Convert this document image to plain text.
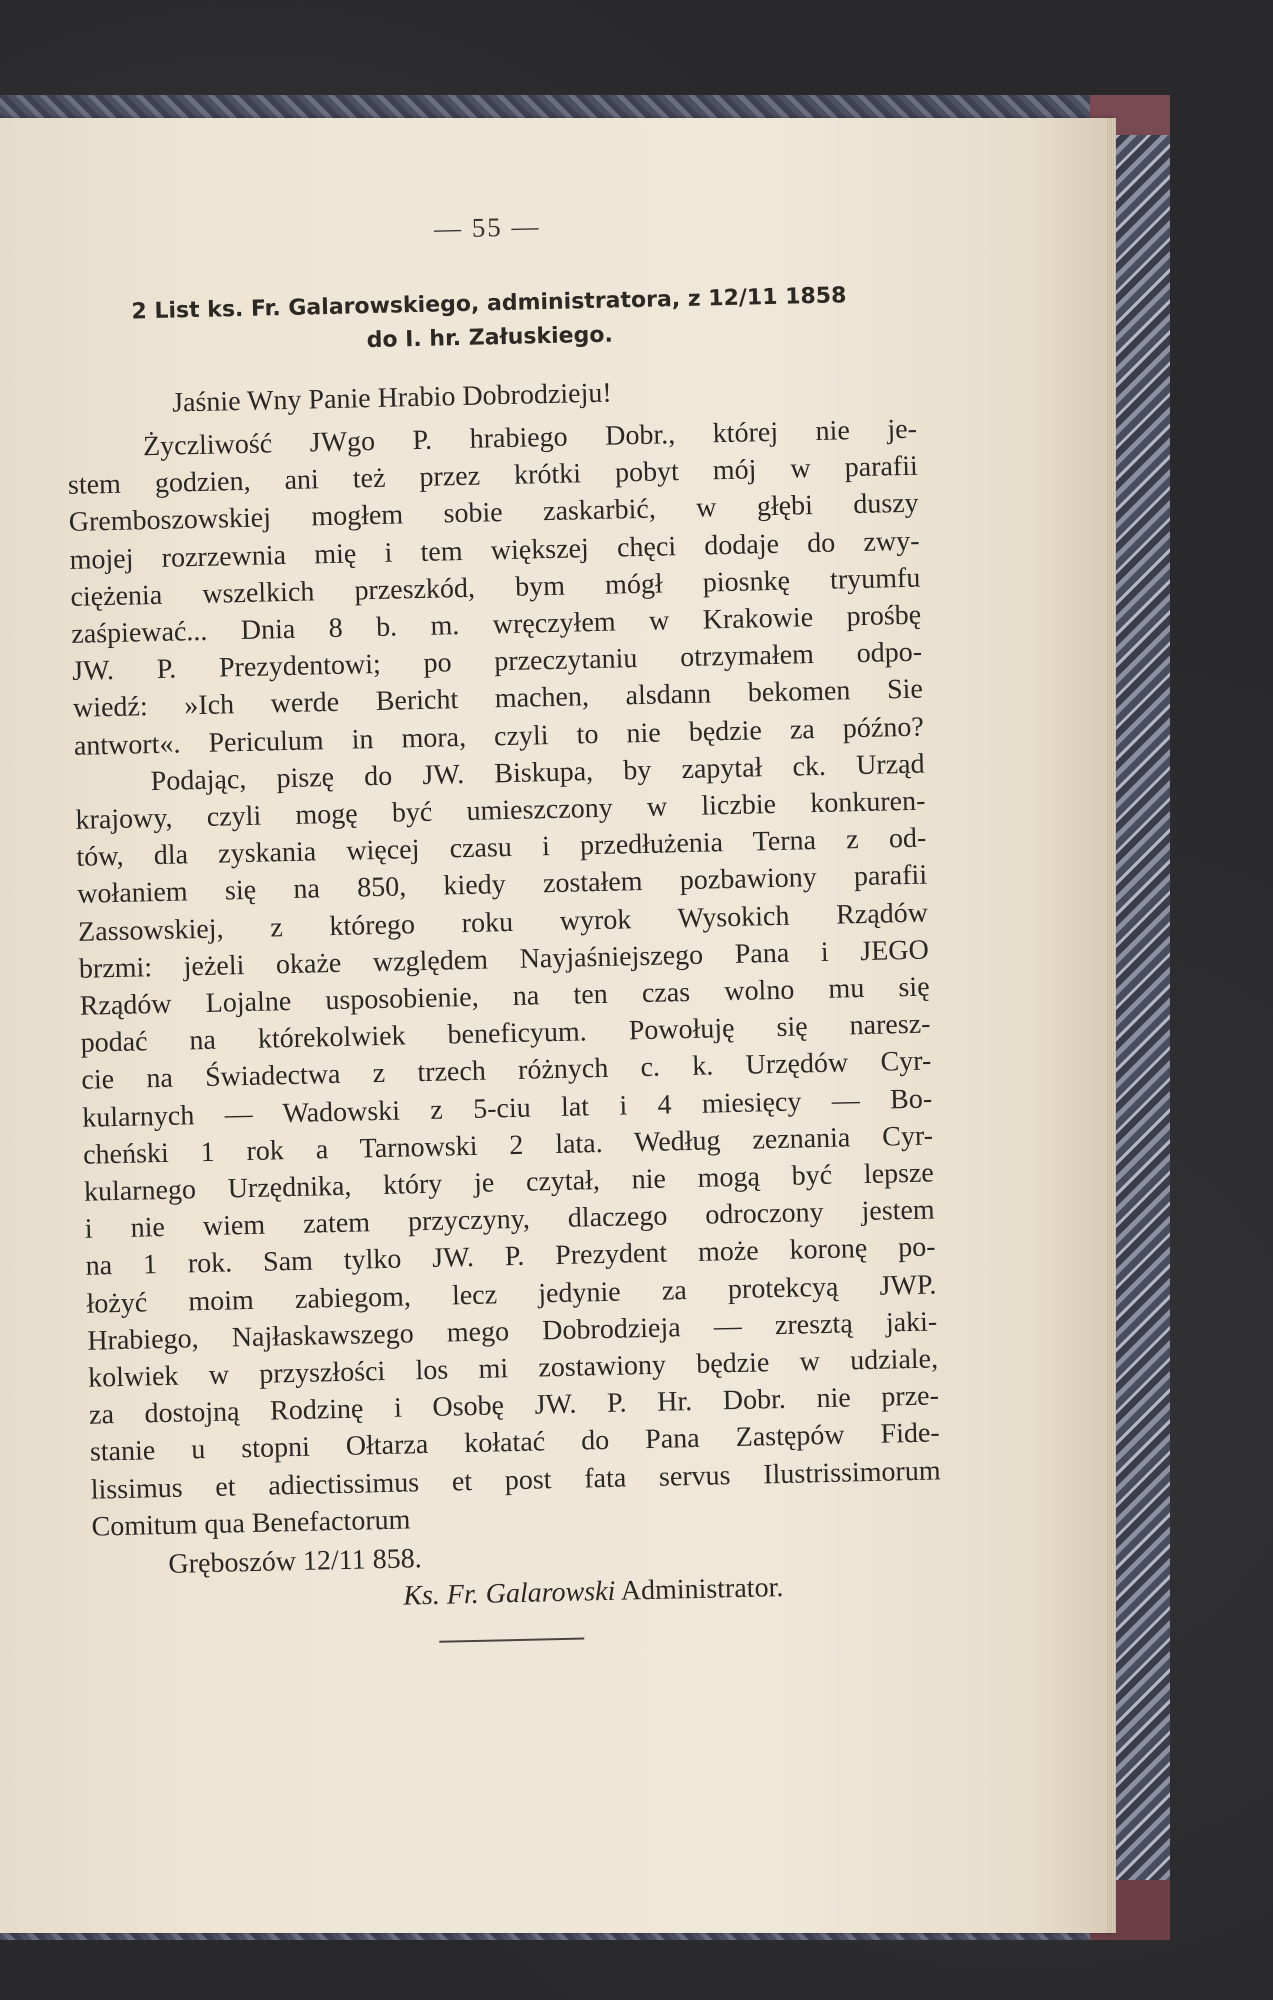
— 55 —
2 List ks. Fr. Galarowskiego, administratora, z 12/11 1858
do I. hr. Załuskiego.
Jaśnie Wny Panie Hrabio Dobrodzieju!
Życzliwość JWgo P. hrabiego Dobr., której nie je-
stem godzien, ani też przez krótki pobyt mój w parafii
Gremboszowskiej mogłem sobie zaskarbić, w głębi duszy
mojej rozrzewnia mię i tem większej chęci dodaje do zwy-
ciężenia wszelkich przeszkód, bym mógł piosnkę tryumfu
zaśpiewać... Dnia 8 b. m. wręczyłem w Krakowie prośbę
JW. P. Prezydentowi; po przeczytaniu otrzymałem odpo-
wiedź: »Ich werde Bericht machen, alsdann bekomen Sie
antwort«. Periculum in mora, czyli to nie będzie za późno?
Podając, piszę do JW. Biskupa, by zapytał ck. Urząd
krajowy, czyli mogę być umieszczony w liczbie konkuren-
tów, dla zyskania więcej czasu i przedłużenia Terna z od-
wołaniem się na 850, kiedy zostałem pozbawiony parafii
Zassowskiej, z którego roku wyrok Wysokich Rządów
brzmi: jeżeli okaże względem Nayjaśniejszego Pana i JEGO
Rządów Lojalne usposobienie, na ten czas wolno mu się
podać na którekolwiek beneficyum. Powołuję się naresz-
cie na Świadectwa z trzech różnych c. k. Urzędów Cyr-
kularnych — Wadowski z 5-ciu lat i 4 miesięcy — Bo-
cheński 1 rok a Tarnowski 2 lata. Według zeznania Cyr-
kularnego Urzędnika, który je czytał, nie mogą być lepsze
i nie wiem zatem przyczyny, dlaczego odroczony jestem
na 1 rok. Sam tylko JW. P. Prezydent może koronę po-
łożyć moim zabiegom, lecz jedynie za protekcyą JWP.
Hrabiego, Najłaskawszego mego Dobrodzieja — zresztą jaki-
kolwiek w przyszłości los mi zostawiony będzie w udziale,
za dostojną Rodzinę i Osobę JW. P. Hr. Dobr. nie prze-
stanie u stopni Ołtarza kołatać do Pana Zastępów Fide-
lissimus et adiectissimus et post fata servus Ilustrissimorum
Comitum qua Benefactorum
Gręboszów 12/11 858.
Ks. Fr. Galarowski Administrator.
